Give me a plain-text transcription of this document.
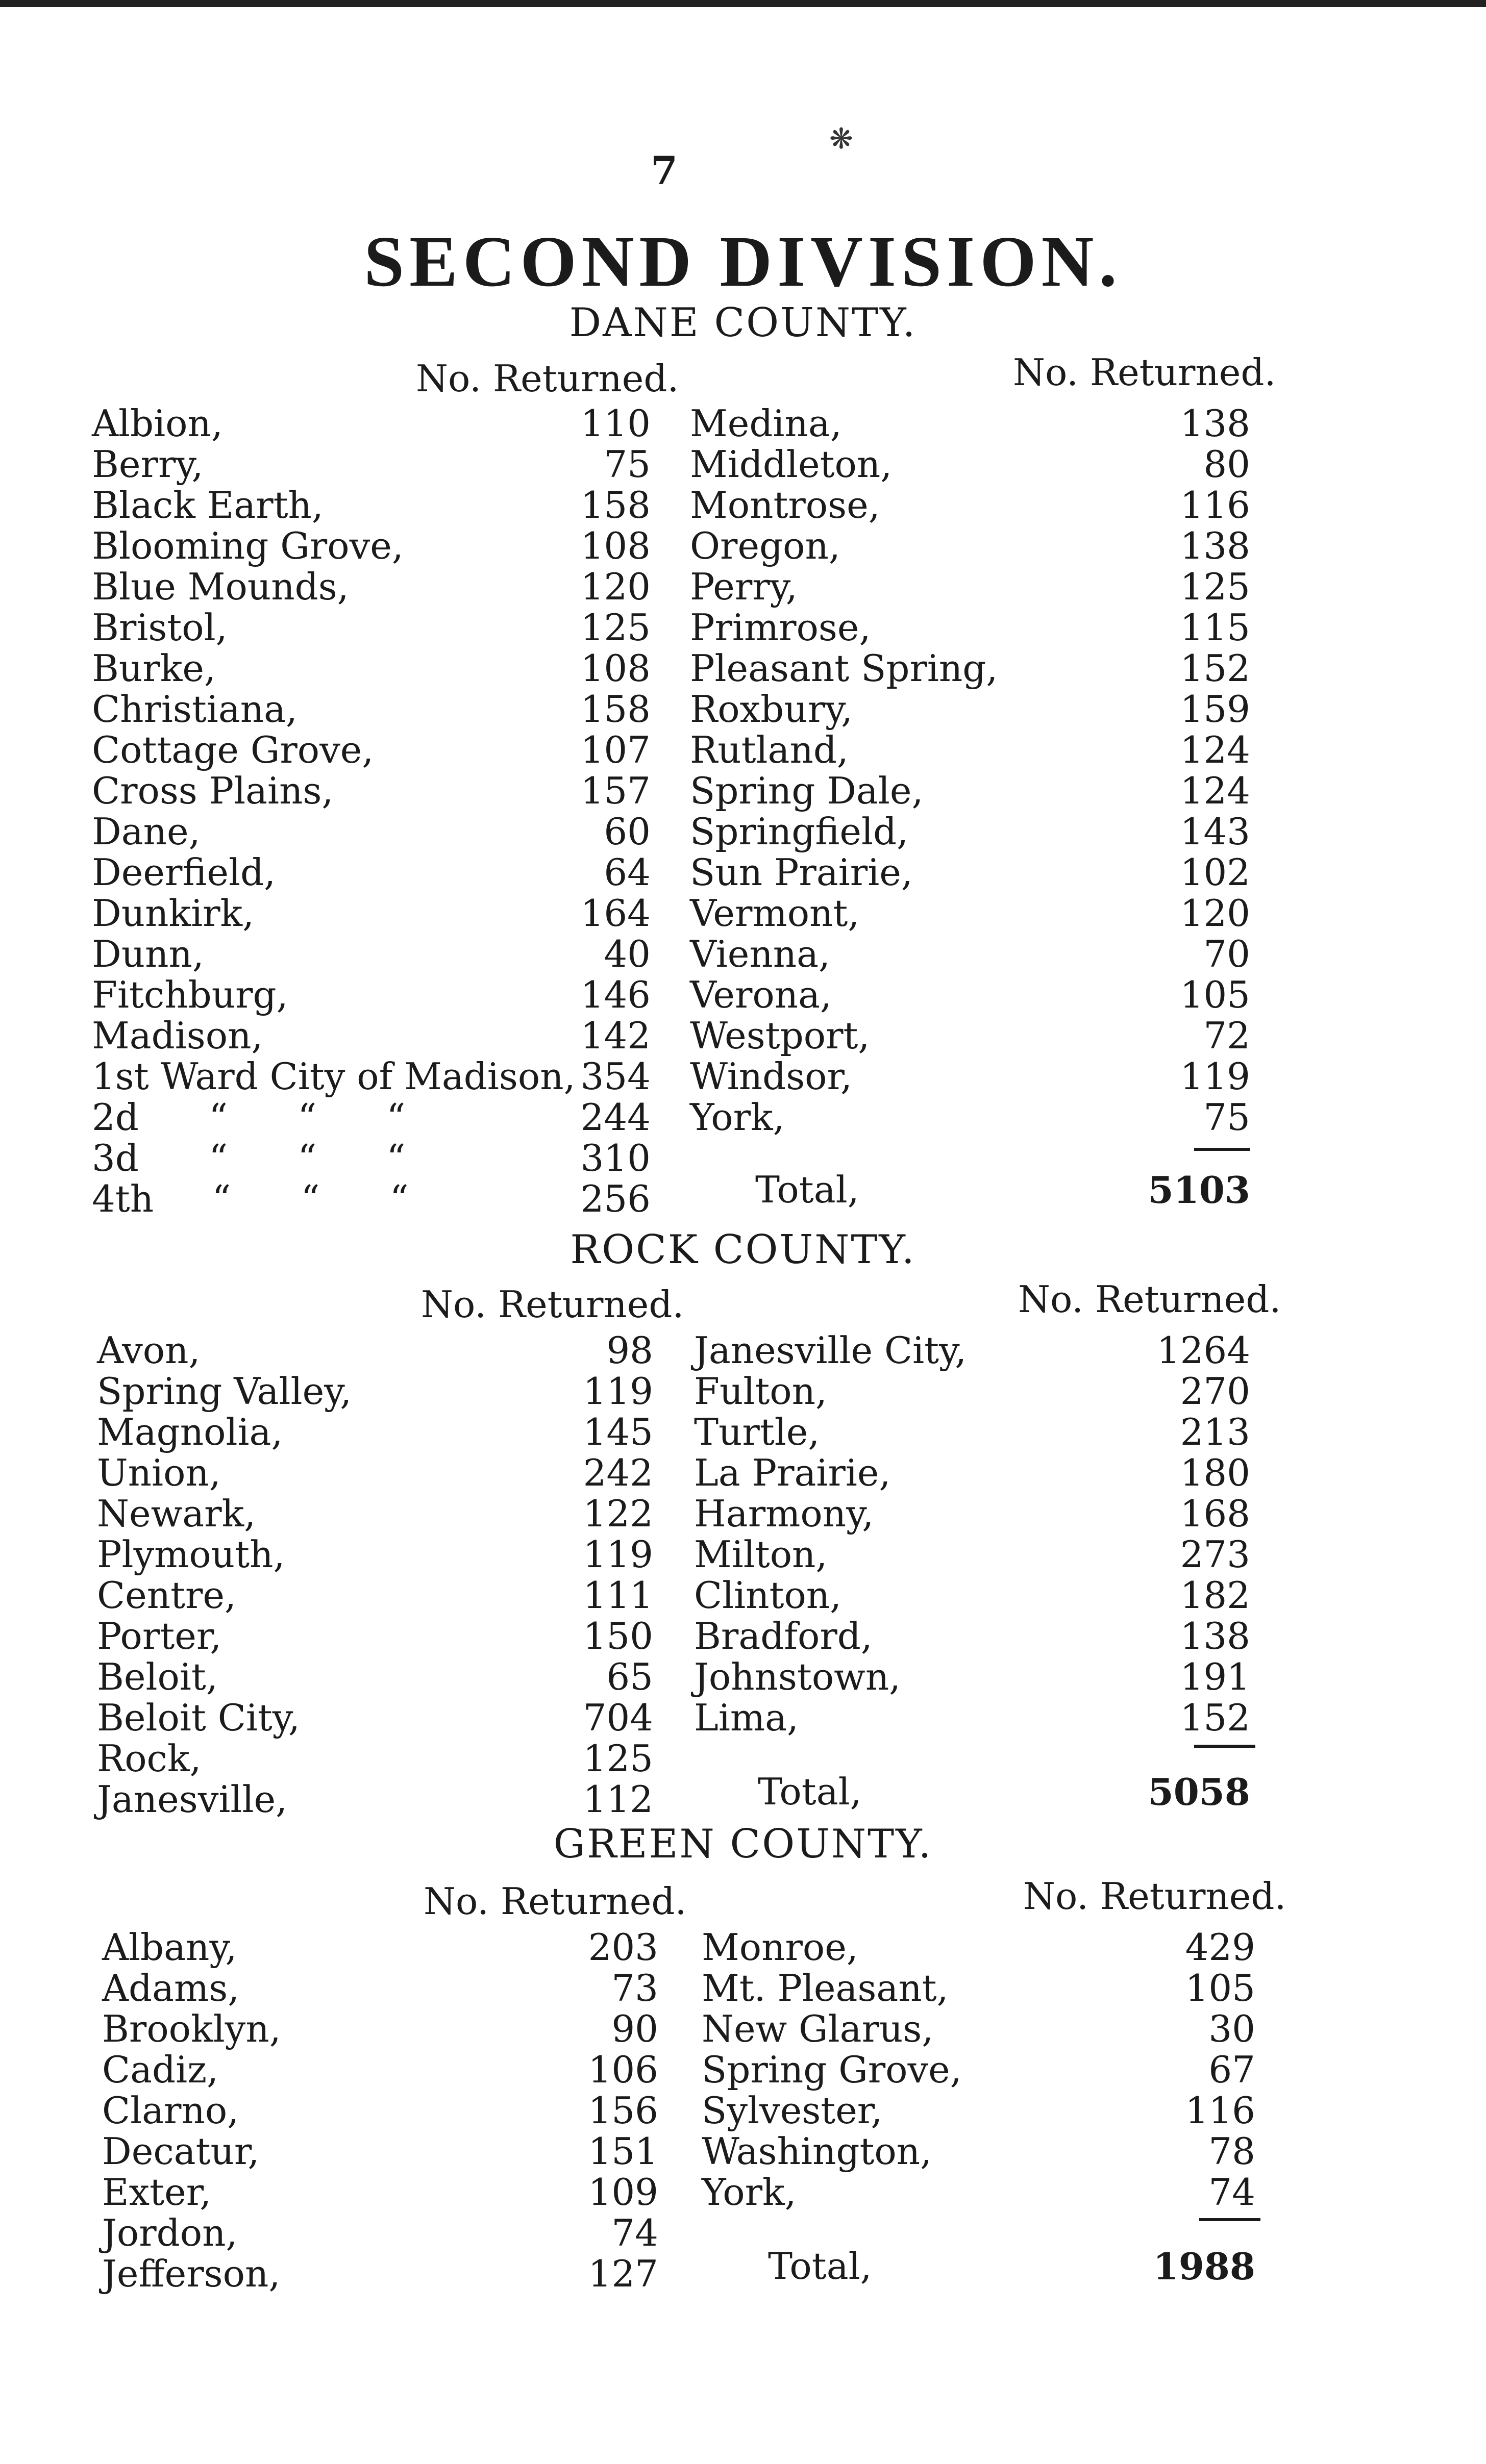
❋
7
SECOND DIVISION.
DANE COUNTY.
No. Returned.	No. Returned.
Albion,	110 Medina,	138
Berry,	75 Middleton,	80
Black Earth,	158 Montrose,	116
Blooming Grove,	108 Oregon,	138
Blue Mounds,	120 Perry,	125
Bristol,	125 Primrose,	115
Burke,	108 Pleasant Spring,	152
Christiana,	158 Roxbury,	159
Cottage Grove,	107 Rutland,	124
Cross Plains,	157 Spring Dale,	124
Dane,	60 Springfield,	143
Deerfield,	64 Sun Prairie,	102
Dunkirk,	164 Vermont,	120
Dunn,	40 Vienna,	70
Fitchburg,	146 Verona,	105
Madison,	142 Westport,	72
1st Ward City of Madison, 354 Windsor,	119
2d      “      “      “	244 York,	75
3d      “      “      “	310
4th     “      “      “	256	Total,	5103
ROCK COUNTY.
No. Returned.	No. Returned.
Avon,	98 Janesville City,	1264
Spring Valley,	119 Fulton,	270
Magnolia,	145 Turtle,	213
Union,	242 La Prairie,	180
Newark,	122 Harmony,	168
Plymouth,	119 Milton,	273
Centre,	111 Clinton,	182
Porter,	150 Bradford,	138
Beloit,	65 Johnstown,	191
Beloit City,	704 Lima,	152
Rock,	125
Janesville,	112	Total,	5058
GREEN COUNTY.
No. Returned.	No. Returned.
Albany,	203 Monroe,	429
Adams,	73 Mt. Pleasant,	105
Brooklyn,	90 New Glarus,	30
Cadiz,	106 Spring Grove,	67
Clarno,	156 Sylvester,	116
Decatur,	151 Washington,	78
Exter,	109 York,	74
Jordon,	74
Jefferson,	127	Total,	1988
